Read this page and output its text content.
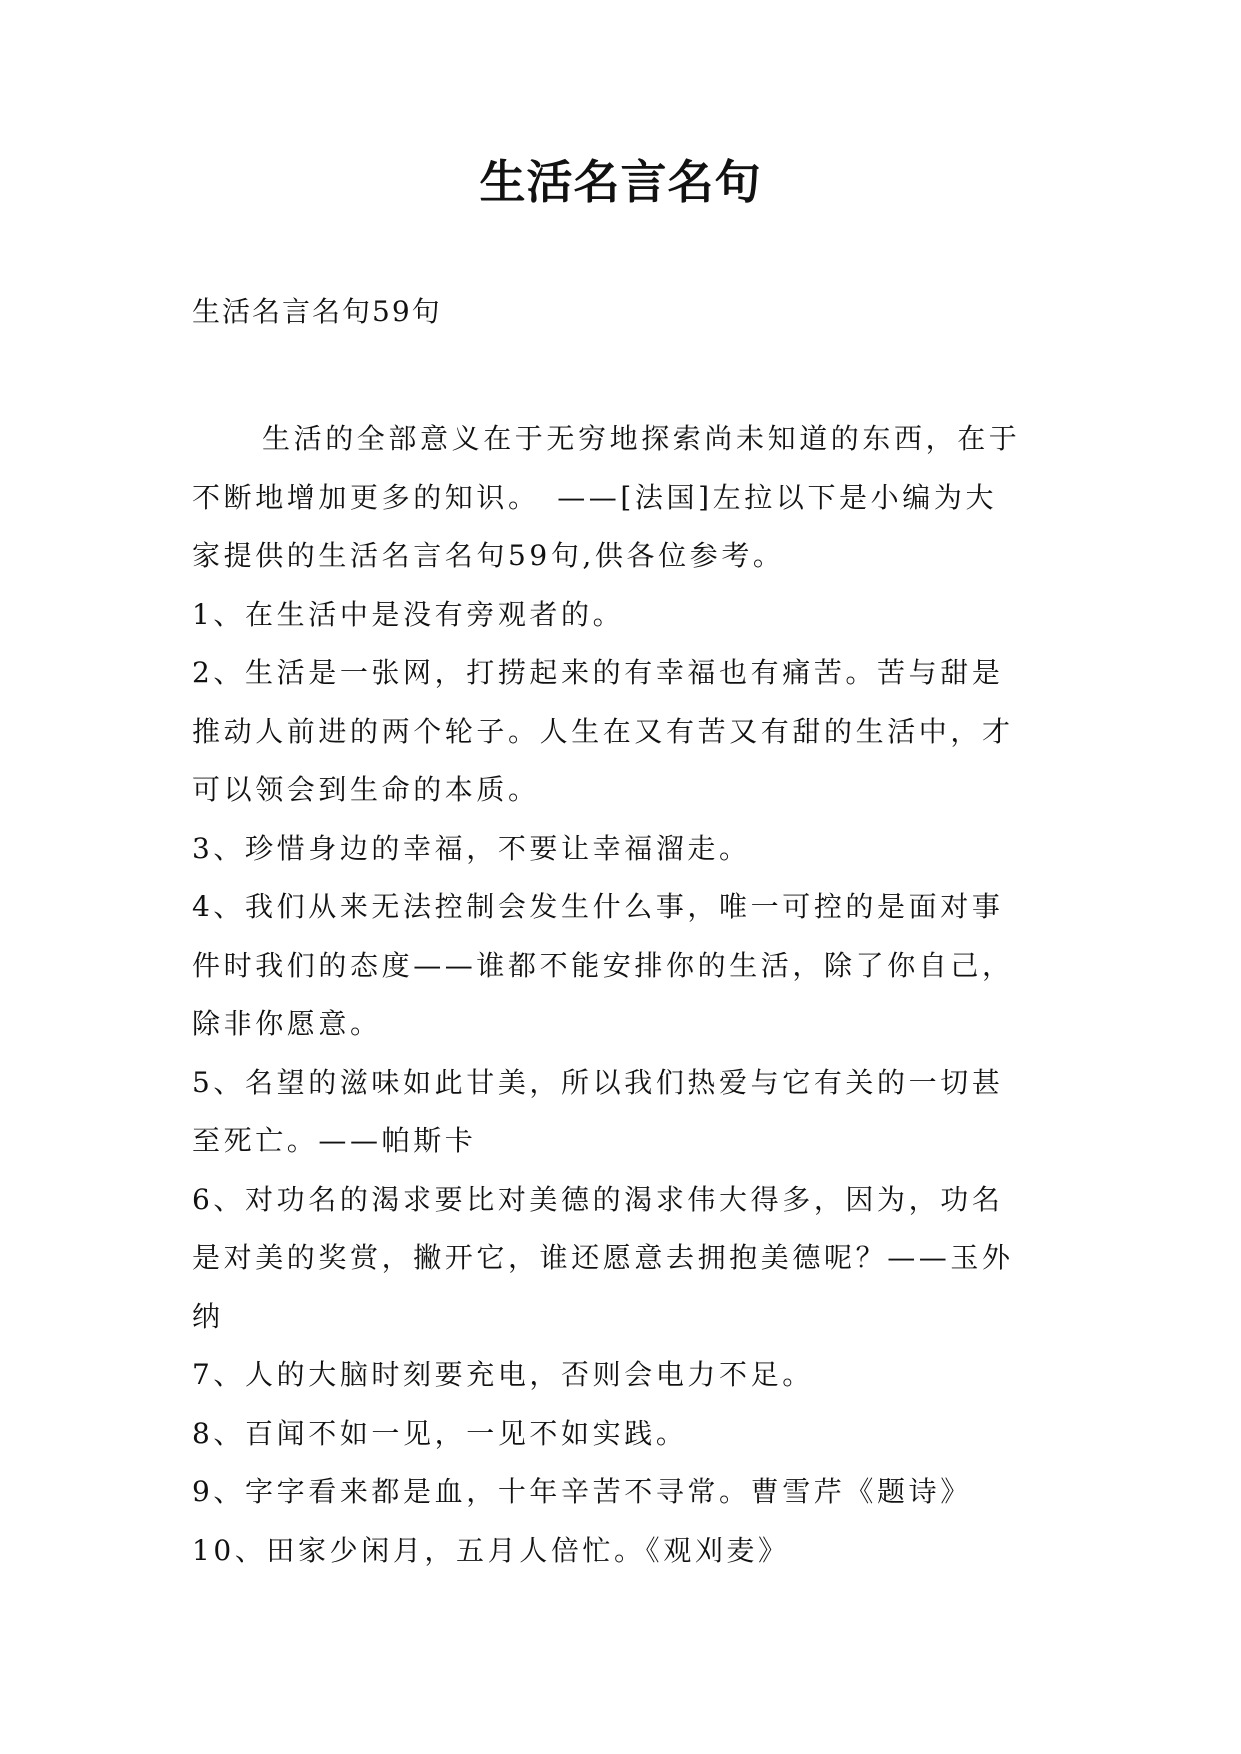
生活名言名句
生活名言名句59句
生活的全部意义在于无穷地探索尚未知道的东西，在于
不断地增加更多的知识。　——[法国]左拉以下是小编为大
家提供的生活名言名句59句,供各位参考。
1、在生活中是没有旁观者的。
2、生活是一张网，打捞起来的有幸福也有痛苦。苦与甜是
推动人前进的两个轮子。人生在又有苦又有甜的生活中，才
可以领会到生命的本质。
3、珍惜身边的幸福，不要让幸福溜走。
4、我们从来无法控制会发生什么事，唯一可控的是面对事
件时我们的态度——谁都不能安排你的生活，除了你自己，
除非你愿意。
5、名望的滋味如此甘美，所以我们热爱与它有关的一切甚
至死亡。——帕斯卡
6、对功名的渴求要比对美德的渴求伟大得多，因为，功名
是对美的奖赏，撇开它，谁还愿意去拥抱美德呢？——玉外
纳
7、人的大脑时刻要充电，否则会电力不足。
8、百闻不如一见，一见不如实践。
9、字字看来都是血，十年辛苦不寻常。曹雪芹《题诗》
10、田家少闲月，五月人倍忙。《观刈麦》
